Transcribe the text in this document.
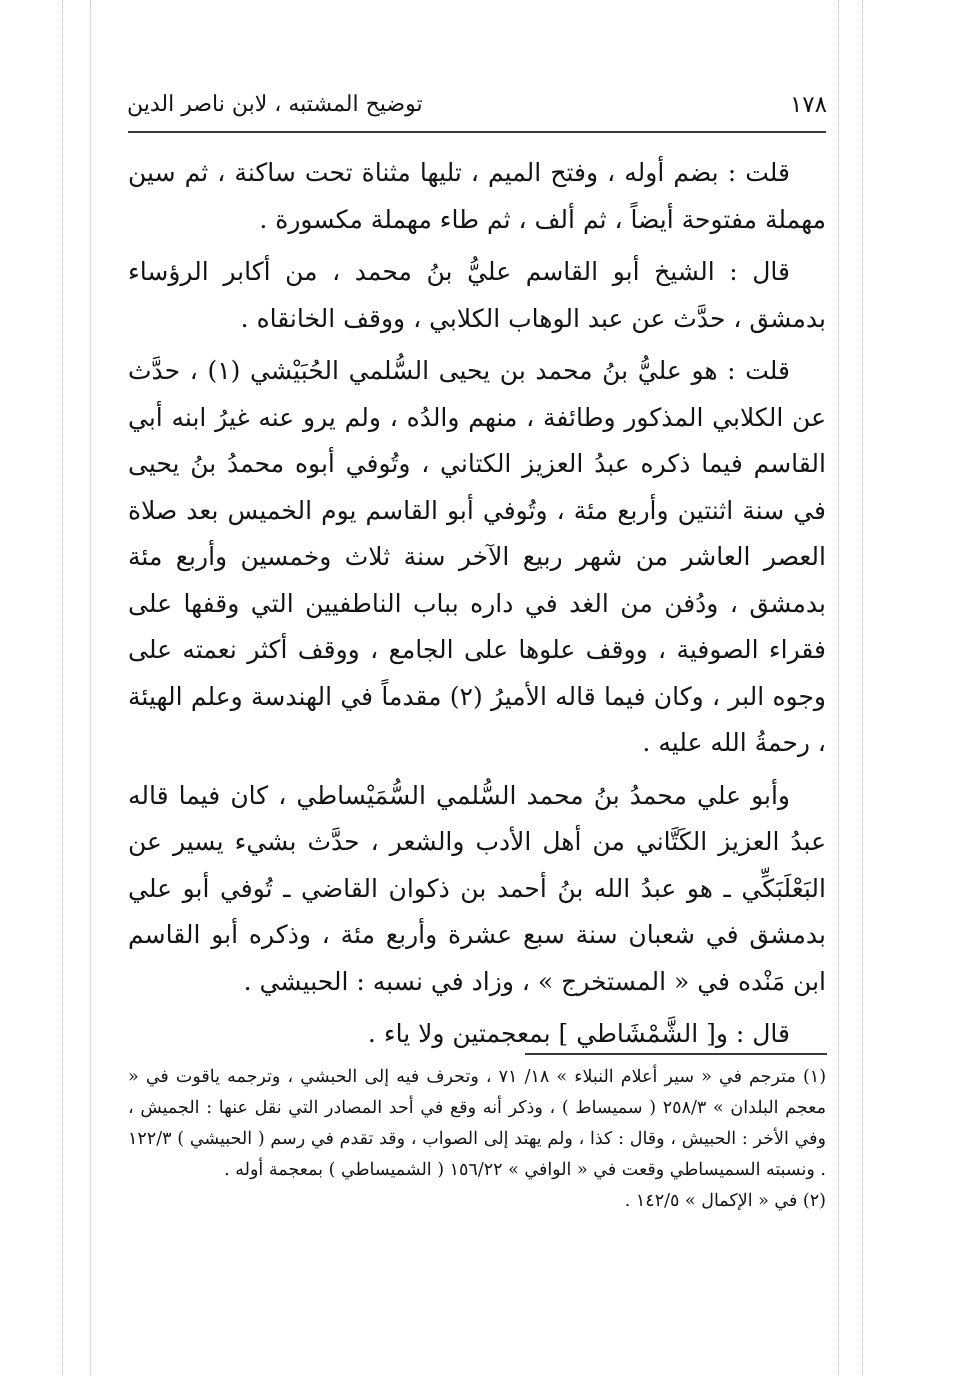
١٧٨
توضيح المشتبه ، لابن ناصر الدين

قلت : بضم أوله ، وفتح الميم ، تليها مثناة تحت ساكنة ، ثم سين مهملة مفتوحة أيضاً ، ثم ألف ، ثم طاء مهملة مكسورة .

قال : الشيخ أبو القاسم عليُّ بنُ محمد ، من أكابر الرؤساء بدمشق ، حدَّث عن عبد الوهاب الكلابي ، ووقف الخانقاه .

قلت : هو عليُّ بنُ محمد بن يحيى السُّلمي الحُبَيْشي (١) ، حدَّث عن الكلابي المذكور وطائفة ، منهم والدُه ، ولم يرو عنه غيرُ ابنه أبي القاسم فيما ذكره عبدُ العزيز الكتاني ، وتُوفي أبوه محمدُ بنُ يحيى في سنة اثنتين وأربع مئة ، وتُوفي أبو القاسم يوم الخميس بعد صلاة العصر العاشر من شهر ربيع الآخر سنة ثلاث وخمسين وأربع مئة بدمشق ، ودُفن من الغد في داره بباب الناطفيين التي وقفها على فقراء الصوفية ، ووقف علوها على الجامع ، ووقف أكثر نعمته على وجوه البر ، وكان فيما قاله الأميرُ (٢) مقدماً في الهندسة وعلم الهيئة ، رحمةُ الله عليه .

وأبو علي محمدُ بنُ محمد السُّلمي السُّمَيْساطي ، كان فيما قاله عبدُ العزيز الكَتَّاني من أهل الأدب والشعر ، حدَّث بشيء يسير عن البَعْلَبَكِّي ـ هو عبدُ الله بنُ أحمد بن ذكوان القاضي ـ تُوفي أبو علي بدمشق في شعبان سنة سبع عشرة وأربع مئة ، وذكره أبو القاسم ابن مَنْده في « المستخرج » ، وزاد في نسبه : الحبيشي .

قال : و[ الشَّمْشَاطي ] بمعجمتين ولا ياء .

(١) مترجم في « سير أعلام النبلاء » ١٨/ ٧١ ، وتحرف فيه إلى الحبشي ، وترجمه ياقوت في « معجم البلدان » ٢٥٨/٣ ( سميساط ) ، وذكر أنه وقع في أحد المصادر التي نقل عنها : الجميش ، وفي الأخر : الحبيش ، وقال : كذا ، ولم يهتد إلى الصواب ، وقد تقدم في رسم ( الحبيشي ) ١٢٢/٣ . ونسبته السميساطي وقعت في « الوافي » ١٥٦/٢٢ ( الشميساطي ) بمعجمة أوله .

(٢) في « الإكمال » ١٤٢/٥ .
